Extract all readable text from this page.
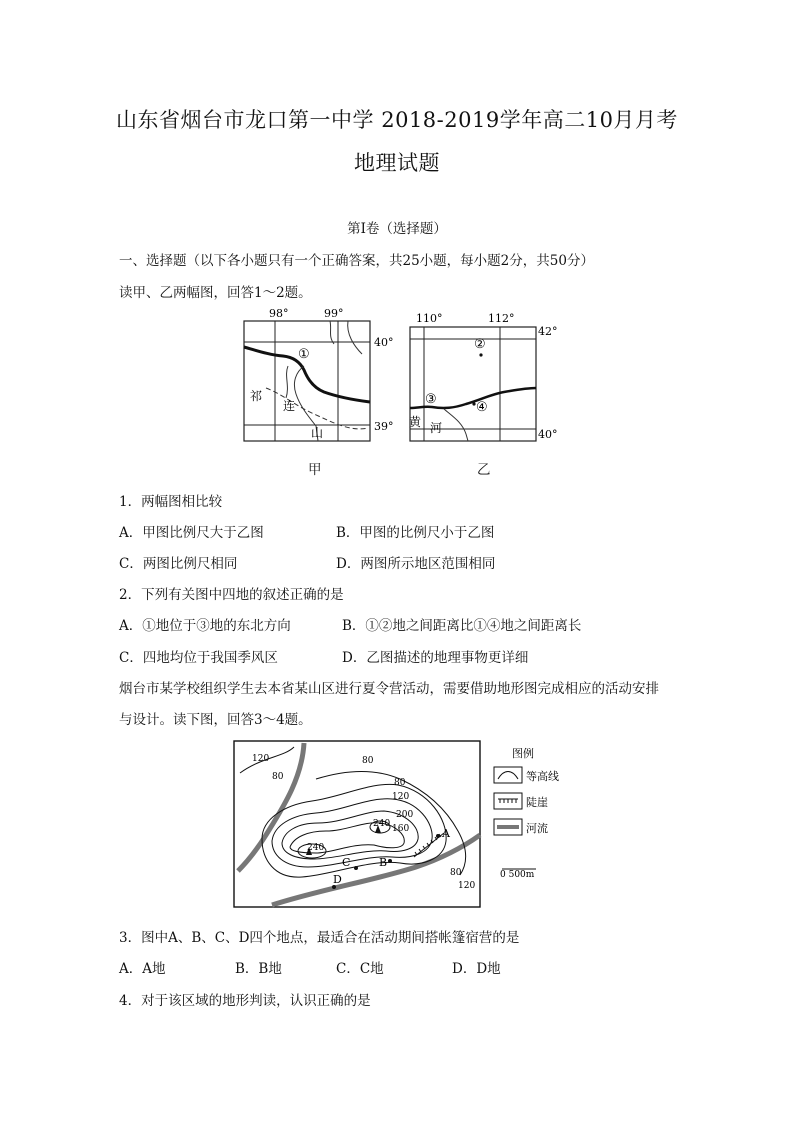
山东省烟台市龙口第一中学 2018-2019学年高二10月月考
地理试题
第Ⅰ卷（选择题）
一、选择题（以下各小题只有一个正确答案，共25小题，每小题2分，共50分）
读甲、乙两幅图，回答1～2题。
98°	99°
40°
39°
①
祁
连
山
甲
110°	112°
42°
40°
②
③
④
黄 河
乙
1．两幅图相比较
A．甲图比例尺大于乙图	B．甲图的比例尺小于乙图
C．两图比例尺相同	D．两图所示地区范围相同
2．下列有关图中四地的叙述正确的是
A．①地位于③地的东北方向	B．①②地之间距离比①④地之间距离长
C．四地均位于我国季风区	D．乙图描述的地理事物更详细
烟台市某学校组织学生去本省某山区进行夏令营活动，需要借助地形图完成相应的活动安排
与设计。读下图，回答3～4题。
120
80
80
80
120
160
200
240
240
80
120
A
B
C
D
图例
等高线
陡崖
河流
0 500m
3．图中A、B、C、D四个地点，最适合在活动期间搭帐篷宿营的是
A．A地	B．B地	C．C地	D．D地
4．对于该区域的地形判读，认识正确的是
